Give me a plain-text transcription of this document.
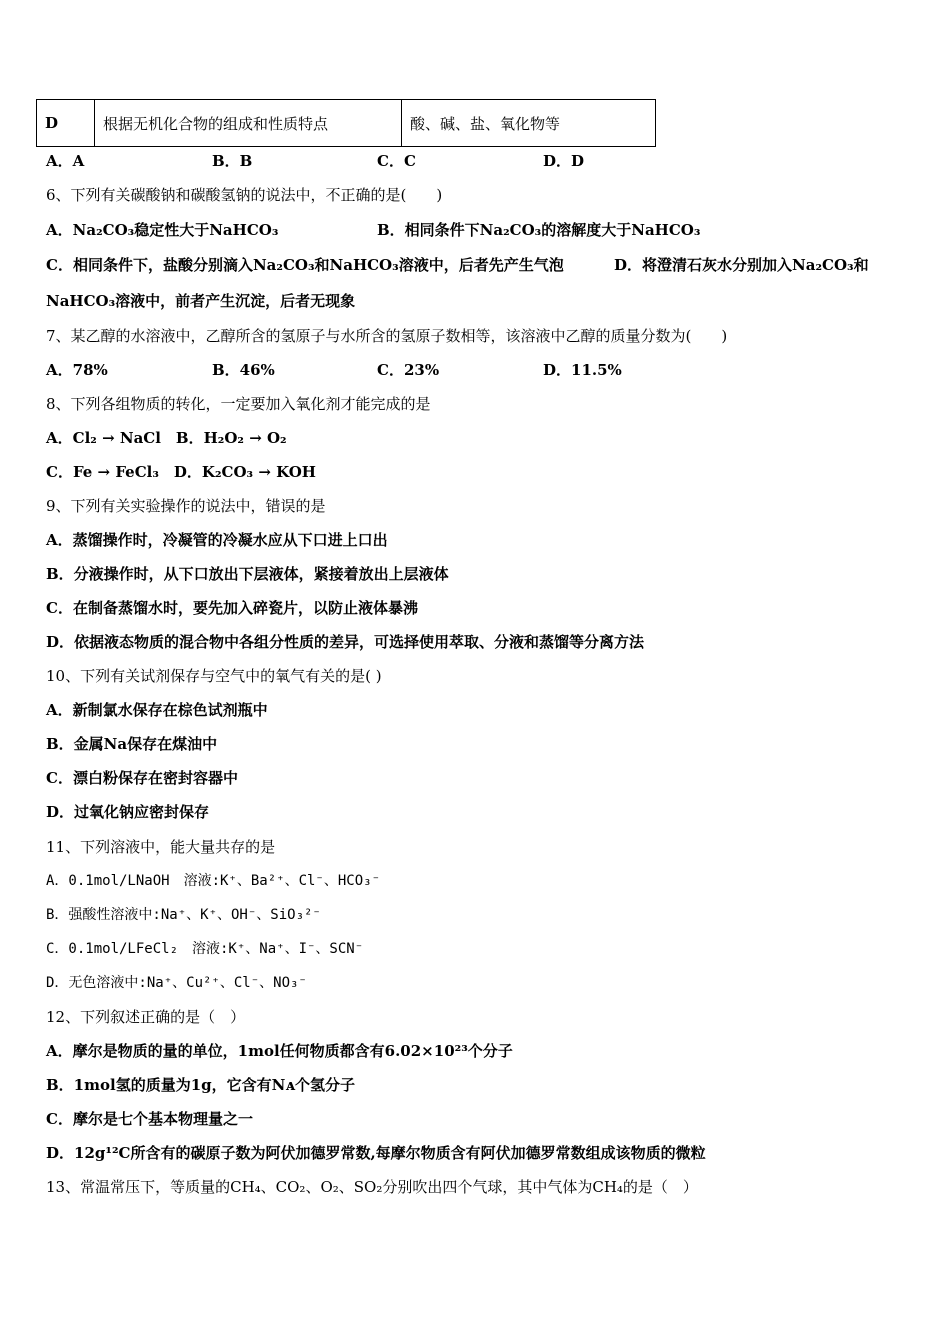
D	根据无机化合物的组成和性质特点	酸、碱、盐、氧化物等
A．A	B．B	C．C	D．D
6、下列有关碳酸钠和碳酸氢钠的说法中，不正确的是(　　)
A．Na₂CO₃稳定性大于NaHCO₃	B．相同条件下Na₂CO₃的溶解度大于NaHCO₃
C．相同条件下，盐酸分别滴入Na₂CO₃和NaHCO₃溶液中，后者先产生气泡	D．将澄清石灰水分别加入Na₂CO₃和
NaHCO₃溶液中，前者产生沉淀，后者无现象
7、某乙醇的水溶液中，乙醇所含的氢原子与水所含的氢原子数相等，该溶液中乙醇的质量分数为(　　)
A．78%	B．46%	C．23%	D．11.5%
8、下列各组物质的转化，一定要加入氧化剂才能完成的是
A．Cl₂ → NaCl　B．H₂O₂ → O₂
C．Fe → FeCl₃　D．K₂CO₃ → KOH
9、下列有关实验操作的说法中，错误的是
A．蒸馏操作时，冷凝管的冷凝水应从下口进上口出
B．分液操作时，从下口放出下层液体，紧接着放出上层液体
C．在制备蒸馏水时，要先加入碎瓷片，以防止液体暴沸
D．依据液态物质的混合物中各组分性质的差异，可选择使用萃取、分液和蒸馏等分离方法
10、下列有关试剂保存与空气中的氧气有关的是( )
A．新制氯水保存在棕色试剂瓶中
B．金属Na保存在煤油中
C．漂白粉保存在密封容器中
D．过氧化钠应密封保存
11、下列溶液中，能大量共存的是
A．0.1mol/LNaOH　溶液:K⁺、Ba²⁺、Cl⁻、HCO₃⁻
B．强酸性溶液中:Na⁺、K⁺、OH⁻、SiO₃²⁻
C．0.1mol/LFeCl₂　溶液:K⁺、Na⁺、I⁻、SCN⁻
D．无色溶液中:Na⁺、Cu²⁺、Cl⁻、NO₃⁻
12、下列叙述正确的是（　）
A．摩尔是物质的量的单位，1mol任何物质都含有6.02×10²³个分子
B．1mol氢的质量为1g，它含有Nᴀ个氢分子
C．摩尔是七个基本物理量之一
D．12g¹²C所含有的碳原子数为阿伏加德罗常数,每摩尔物质含有阿伏加德罗常数组成该物质的微粒
13、常温常压下，等质量的CH₄、CO₂、O₂、SO₂分别吹出四个气球，其中气体为CH₄的是（　）
